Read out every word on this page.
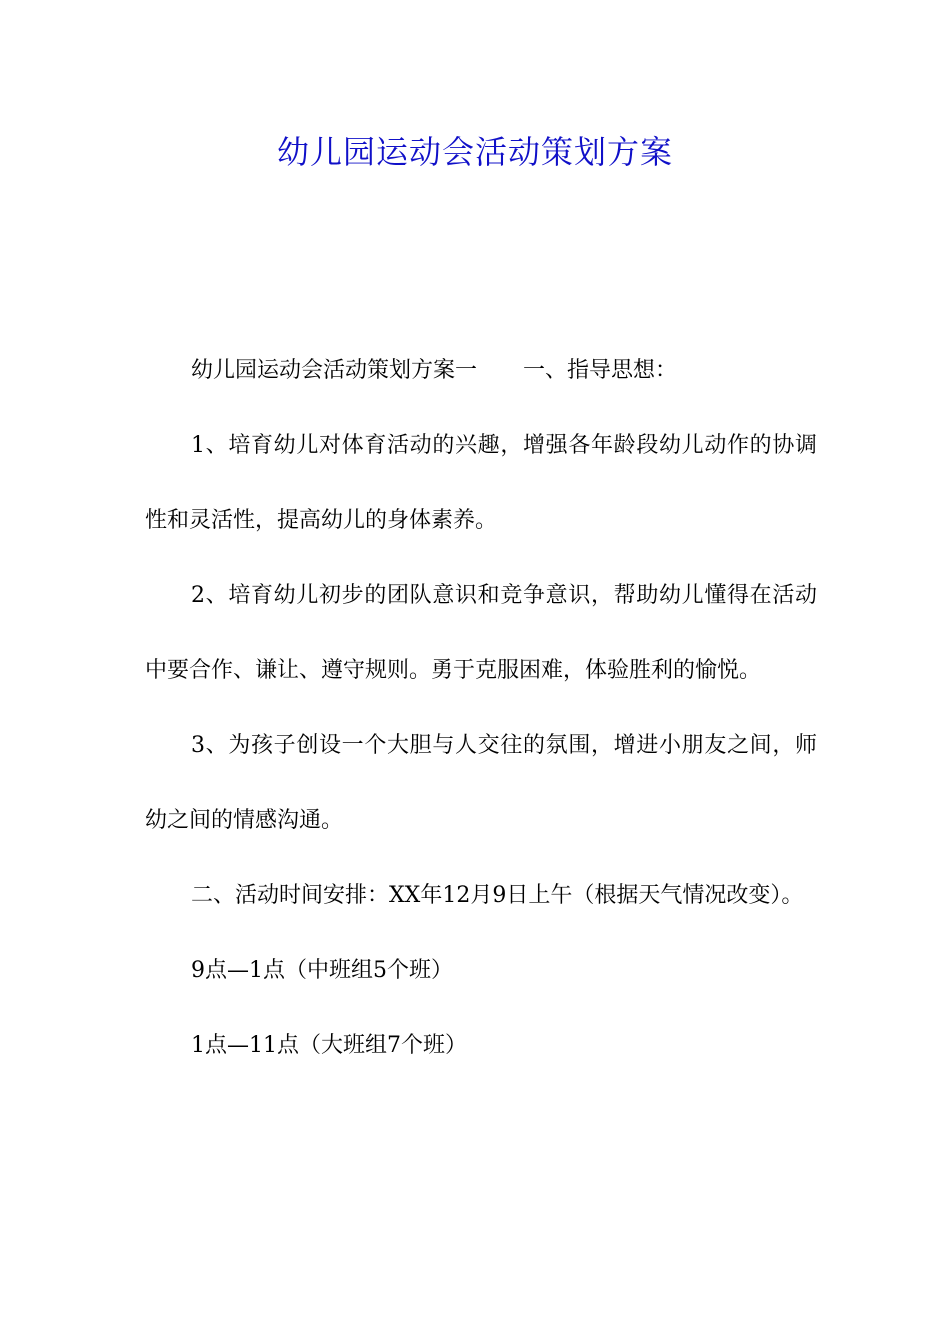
幼儿园运动会活动策划方案

幼儿园运动会活动策划方案一 一、指导思想：

1、培育幼儿对体育活动的兴趣，增强各年龄段幼儿动作的协调性和灵活性，提高幼儿的身体素养。

2、培育幼儿初步的团队意识和竞争意识，帮助幼儿懂得在活动中要合作、谦让、遵守规则。勇于克服困难，体验胜利的愉悦。

3、为孩子创设一个大胆与人交往的氛围，增进小朋友之间，师幼之间的情感沟通。

二、活动时间安排：XX年12月9日上午（根据天气情况改变）。

9点—1点（中班组5个班）

1点—11点（大班组7个班）
